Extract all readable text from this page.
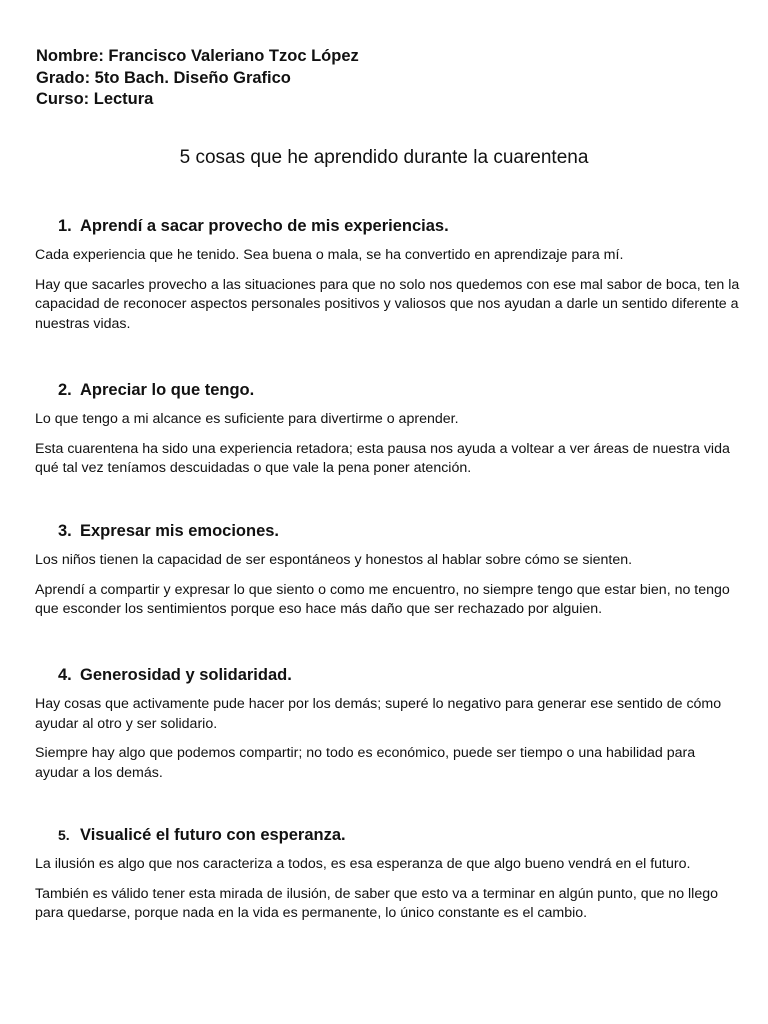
Nombre: Francisco Valeriano Tzoc López
Grado: 5to Bach. Diseño Grafico
Curso: Lectura
5 cosas que he aprendido durante la cuarentena
1. Aprendí a sacar provecho de mis experiencias.

Cada experiencia que he tenido. Sea buena o mala, se ha convertido en aprendizaje para mí.

Hay que sacarles provecho a las situaciones para que no solo nos quedemos con ese mal sabor de boca, ten la capacidad de reconocer aspectos personales positivos y valiosos que nos ayudan a darle un sentido diferente a nuestras vidas.

2. Apreciar lo que tengo.

Lo que tengo a mi alcance es suficiente para divertirme o aprender.

Esta cuarentena ha sido una experiencia retadora; esta pausa nos ayuda a voltear a ver áreas de nuestra vida qué tal vez teníamos descuidadas o que vale la pena poner atención.

3. Expresar mis emociones.

Los niños tienen la capacidad de ser espontáneos y honestos al hablar sobre cómo se sienten.

Aprendí a compartir y expresar lo que siento o como me encuentro, no siempre tengo que estar bien, no tengo que esconder los sentimientos porque eso hace más daño que ser rechazado por alguien.

4. Generosidad y solidaridad.

Hay cosas que activamente pude hacer por los demás; superé lo negativo para generar ese sentido de cómo ayudar al otro y ser solidario.

Siempre hay algo que podemos compartir; no todo es económico, puede ser tiempo o una habilidad para ayudar a los demás.

5. Visualicé el futuro con esperanza.

La ilusión es algo que nos caracteriza a todos, es esa esperanza de que algo bueno vendrá en el futuro.

También es válido tener esta mirada de ilusión, de saber que esto va a terminar en algún punto, que no llego para quedarse, porque nada en la vida es permanente, lo único constante es el cambio.
